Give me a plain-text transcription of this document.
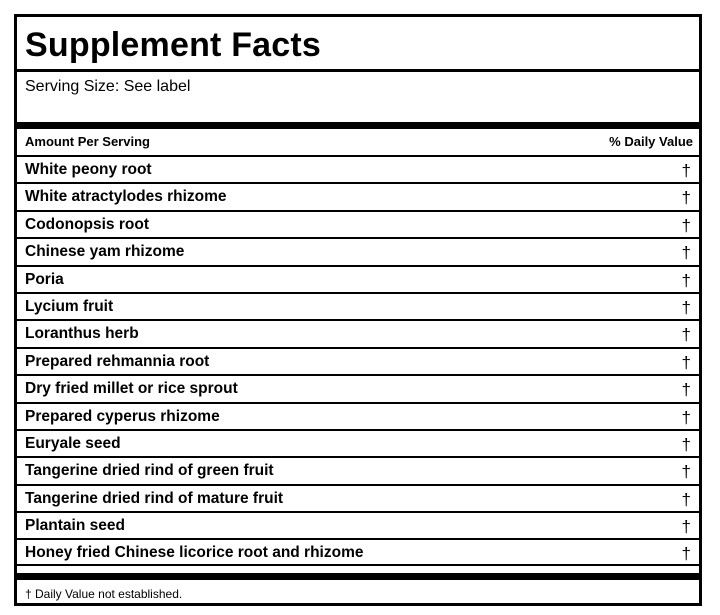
Supplement Facts
Serving Size: See label
Amount Per Serving	% Daily Value
White peony root	†
White atractylodes rhizome	†
Codonopsis root	†
Chinese yam rhizome	†
Poria	†
Lycium fruit	†
Loranthus herb	†
Prepared rehmannia root	†
Dry fried millet or rice sprout	†
Prepared cyperus rhizome	†
Euryale seed	†
Tangerine dried rind of green fruit	†
Tangerine dried rind of mature fruit	†
Plantain seed	†
Honey fried Chinese licorice root and rhizome	†
† Daily Value not established.
